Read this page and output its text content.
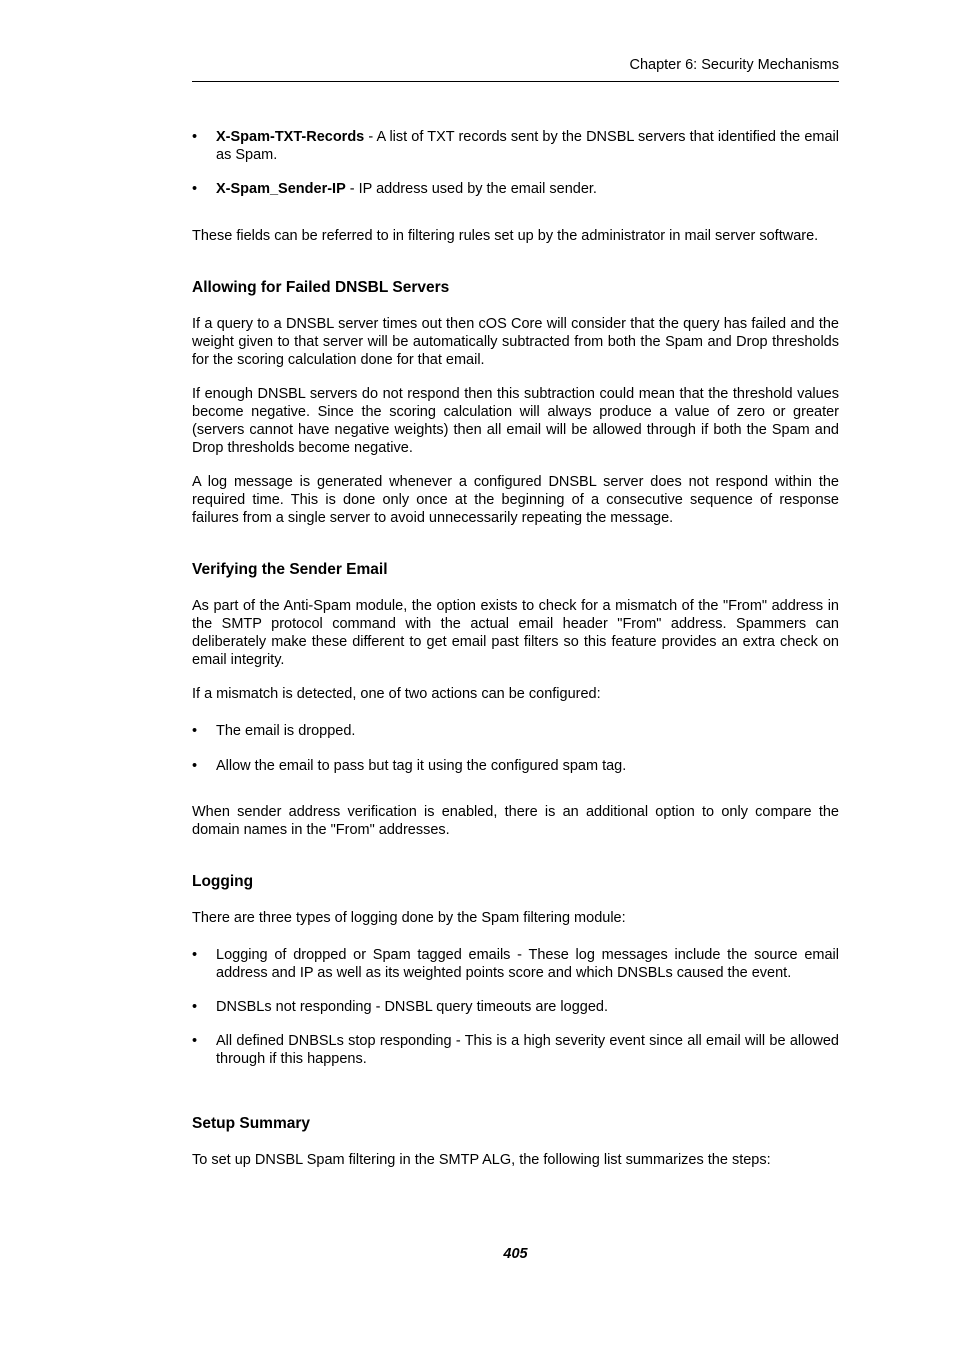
Chapter 6: Security Mechanisms
• X-Spam-TXT-Records - A list of TXT records sent by the DNSBL servers that identified the email as Spam.
• X-Spam_Sender-IP - IP address used by the email sender.

These fields can be referred to in filtering rules set up by the administrator in mail server software.

Allowing for Failed DNSBL Servers

If a query to a DNSBL server times out then cOS Core will consider that the query has failed and the weight given to that server will be automatically subtracted from both the Spam and Drop thresholds for the scoring calculation done for that email.

If enough DNSBL servers do not respond then this subtraction could mean that the threshold values become negative. Since the scoring calculation will always produce a value of zero or greater (servers cannot have negative weights) then all email will be allowed through if both the Spam and Drop thresholds become negative.

A log message is generated whenever a configured DNSBL server does not respond within the required time. This is done only once at the beginning of a consecutive sequence of response failures from a single server to avoid unnecessarily repeating the message.

Verifying the Sender Email

As part of the Anti-Spam module, the option exists to check for a mismatch of the "From" address in the SMTP protocol command with the actual email header "From" address. Spammers can deliberately make these different to get email past filters so this feature provides an extra check on email integrity.

If a mismatch is detected, one of two actions can be configured:

• The email is dropped.
• Allow the email to pass but tag it using the configured spam tag.

When sender address verification is enabled, there is an additional option to only compare the domain names in the "From" addresses.

Logging

There are three types of logging done by the Spam filtering module:

• Logging of dropped or Spam tagged emails - These log messages include the source email address and IP as well as its weighted points score and which DNSBLs caused the event.
• DNSBLs not responding - DNSBL query timeouts are logged.
• All defined DNBSLs stop responding - This is a high severity event since all email will be allowed through if this happens.
Setup Summary

To set up DNSBL Spam filtering in the SMTP ALG, the following list summarizes the steps:

405
